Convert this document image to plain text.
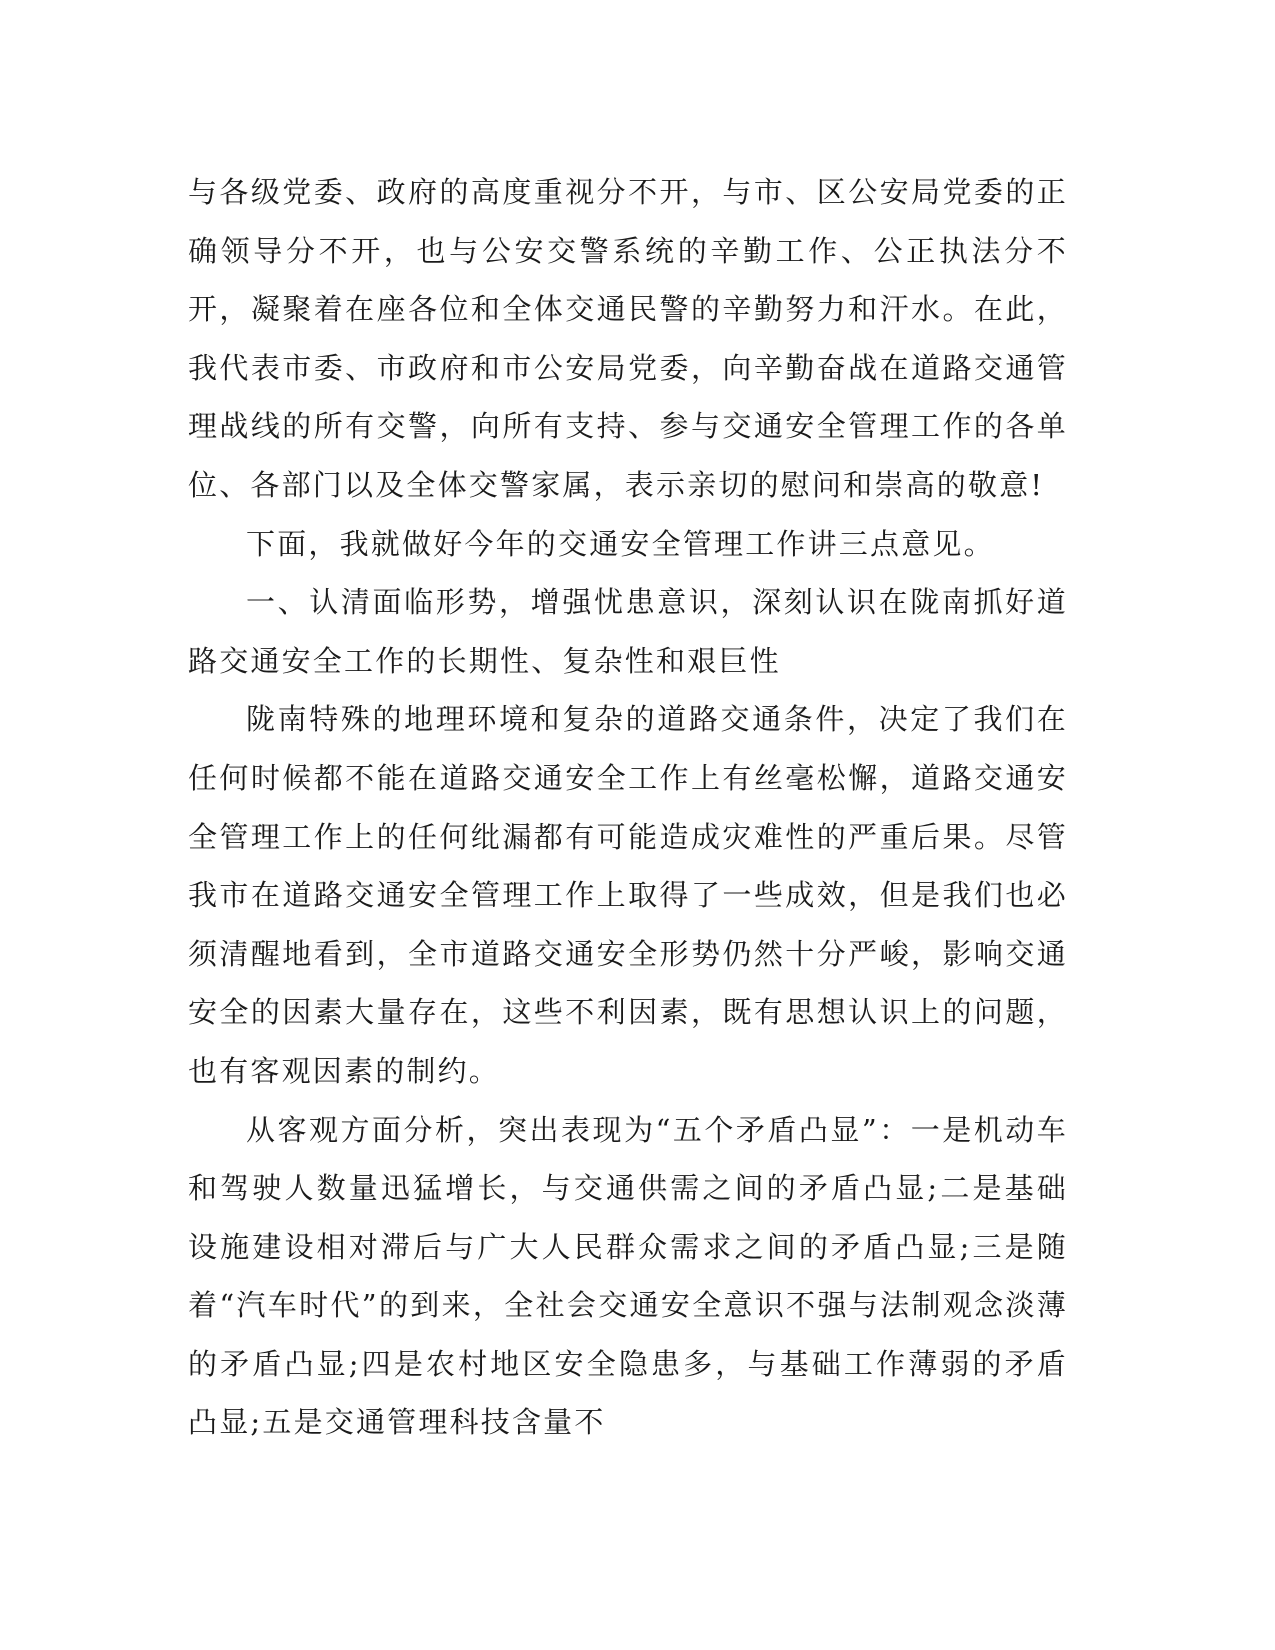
与各级党委、政府的高度重视分不开，与市、区公安局党委的正确领导分不开，也与公安交警系统的辛勤工作、公正执法分不开，凝聚着在座各位和全体交通民警的辛勤努力和汗水。在此，我代表市委、市政府和市公安局党委，向辛勤奋战在道路交通管理战线的所有交警，向所有支持、参与交通安全管理工作的各单位、各部门以及全体交警家属，表示亲切的慰问和崇高的敬意!

下面，我就做好今年的交通安全管理工作讲三点意见。

一、认清面临形势，增强忧患意识，深刻认识在陇南抓好道路交通安全工作的长期性、复杂性和艰巨性

陇南特殊的地理环境和复杂的道路交通条件，决定了我们在任何时候都不能在道路交通安全工作上有丝毫松懈，道路交通安全管理工作上的任何纰漏都有可能造成灾难性的严重后果。尽管我市在道路交通安全管理工作上取得了一些成效，但是我们也必须清醒地看到，全市道路交通安全形势仍然十分严峻，影响交通安全的因素大量存在，这些不利因素，既有思想认识上的问题，也有客观因素的制约。

从客观方面分析，突出表现为“五个矛盾凸显”：一是机动车和驾驶人数量迅猛增长，与交通供需之间的矛盾凸显;二是基础设施建设相对滞后与广大人民群众需求之间的矛盾凸显;三是随着“汽车时代”的到来，全社会交通安全意识不强与法制观念淡薄的矛盾凸显;四是农村地区安全隐患多，与基础工作薄弱的矛盾凸显;五是交通管理科技含量不
